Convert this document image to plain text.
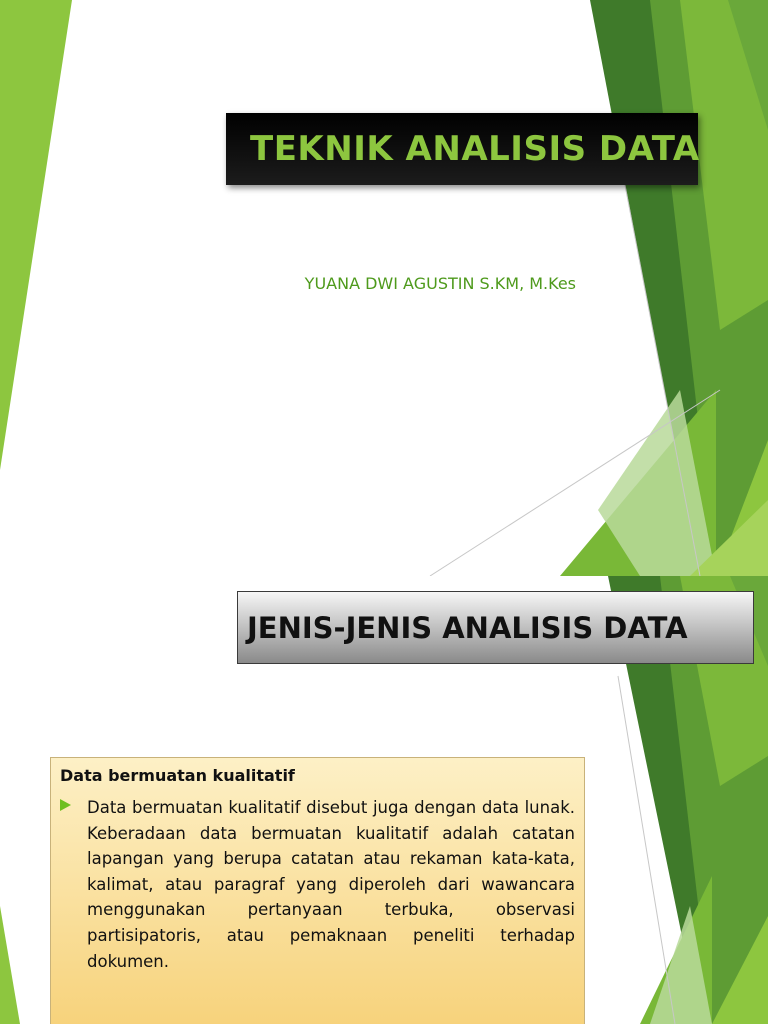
TEKNIK ANALISIS DATA
YUANA DWI AGUSTIN S.KM, M.Kes
JENIS-JENIS ANALISIS DATA
Data bermuatan kualitatif
Data bermuatan kualitatif disebut juga dengan data lunak. Keberadaan data bermuatan kualitatif adalah catatan lapangan yang berupa catatan atau rekaman kata-kata, kalimat, atau paragraf yang diperoleh dari wawancara menggunakan pertanyaan terbuka, observasi partisipatoris, atau pemaknaan peneliti terhadap dokumen.
